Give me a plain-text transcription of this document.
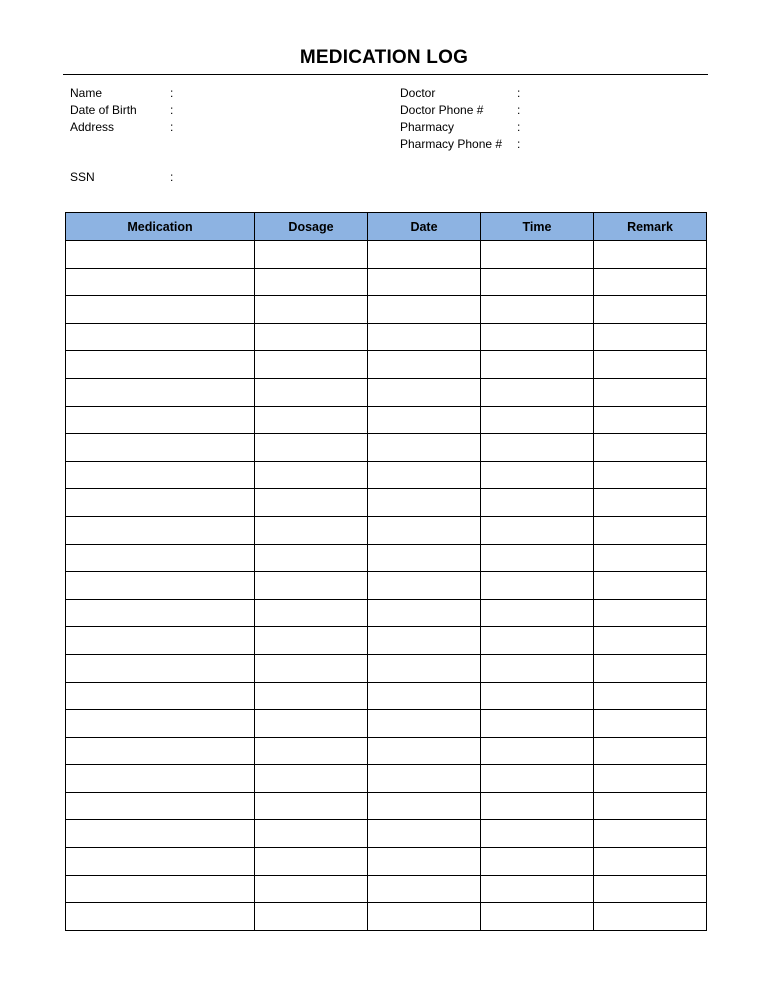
MEDICATION LOG
Name	:
Date of Birth	:
Address	:
Doctor	:
Doctor Phone #	:
Pharmacy	:
Pharmacy Phone # :
SSN	:
Medication	Dosage	Date	Time	Remark
